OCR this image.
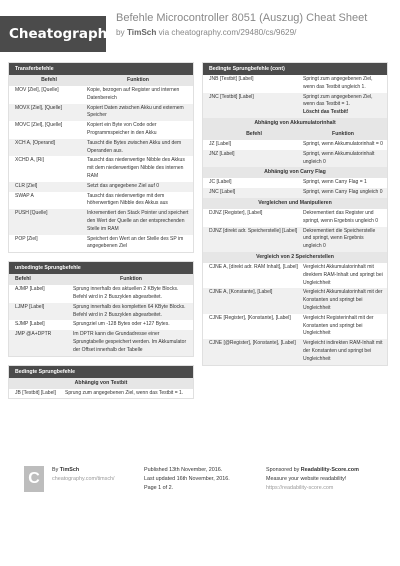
Cheatography
Befehle Microcontroller 8051 (Auszug) Cheat Sheet
by TimSch via cheatography.com/29480/cs/9629/
Transferbefehle
Befehl	Funktion
MOV [Ziel], [Quelle]	Kopie, bezogen auf Register und internen Datenbereich
MOVX [Ziel], [Quelle]	Kopiert Daten zwischen Akku und externem Speicher
MOVC [Ziel], [Quelle]	Kopiert ein Byte von Code oder Programmspeicher in den Akku
XCH A, [Operand]	Tauscht die Bytes zwischen Akku und dem Operanden aus.
XCHD A, [Ri]	Tauscht das niederwertige Nibble des Akkus mit dem niederwertigen Nibble des internen RAM
CLR [Ziel]	Setzt das angegebene Ziel auf 0
SWAP A	Tauscht das niederwertige mit dem höherwertigen Nibble des Akkus aus
PUSH [Quelle]	Inkrementiert den Stack Pointer und speichert den Wert der Quelle an der entsprechenden Stelle im RAM
POP [Ziel]	Speichert den Wert an der Stelle des SP im angegebenen Ziel
unbedingte Sprungbefehle
Befehl	Funktion
AJMP [Label]	Sprung innerhalb des aktuellen 2 KByte Blocks. Befehl wird in 2 Buszyklen abgearbeitet.
LJMP [Label]	Sprung innerhalb des kompletten 64 KByte Blocks. Befehl wird in 2 Buszyklen abgearbeitet.
SJMP [Label]	Sprungziel um -128 Bytes oder +127 Bytes.
JMP @A+DPTR	Im DPTR kann die Grundadresse einer Sprungtabelle gespeichert werden. Im Akkumulator der Offset innerhalb der Tabelle
Bedingte Sprungbefehle
Abhängig von Testbit
JB [Testbit] [Label]	Sprung zum angegebenen Ziel, wenn das Testbit = 1.
Bedingte Sprungbefehle (cont)
JNB [Testbit] [Label]	Springt zum angegebenen Ziel, wenn das Testbit ungleich 1.
JNC [Testbit] [Label]	Springt zum angegebenen Ziel, wenn das Testbit = 1.
Löscht das Testbit!
Abhängig von Akkumulatorinhalt
Befehl	Funktion
JZ [Label]	Springt, wenn Akkumulatorinhalt = 0
JNZ [Label]	Springt, wenn Akkumulatorinhalt ungleich 0
Abhängig von Carry Flag
JC [Label]	Springt, wenn Carry Flag = 1
JNC [Label]	Springt, wenn Carry Flag ungleich 0
Vergleichen und Manipulieren
DJNZ [Register], [Label]	Dekrementiert das Register und springt, wenn Ergebnis ungleich 0
DJNZ [direkt adr. Speicherstelle] [Label]	Dekrementiert die Speicherstelle und springt, wenn Ergebnis ungleich 0
Vergleich von 2 Speicherstellen
CJNE A, [direkt adr. RAM Inhalt], [Label]	Vergleicht Akkumulatorinhalt mit direktem RAM-Inhalt und springt bei Ungleichheit
CJNE A, [Konstante], [Label]	Vergleicht Akkumulatorinhalt mit der Konstanten und springt bei Ungleichheit
CJNE [Register], [Konstante], [Label]	Vergleicht Registerinhalt mit der Konstanten und springt bei Ungleichheit
CJNE [@Register], [Konstante], [Label]	Vergleicht indirekten RAM-Inhalt mit der Konstanten und springt bei Ungleichheit
C	By TimSch
cheatography.com/timsch/
Published 13th November, 2016.
Last updated 16th November, 2016.
Page 1 of 2.
Sponsored by Readability-Score.com
Measure your website readability!
https://readability-score.com
